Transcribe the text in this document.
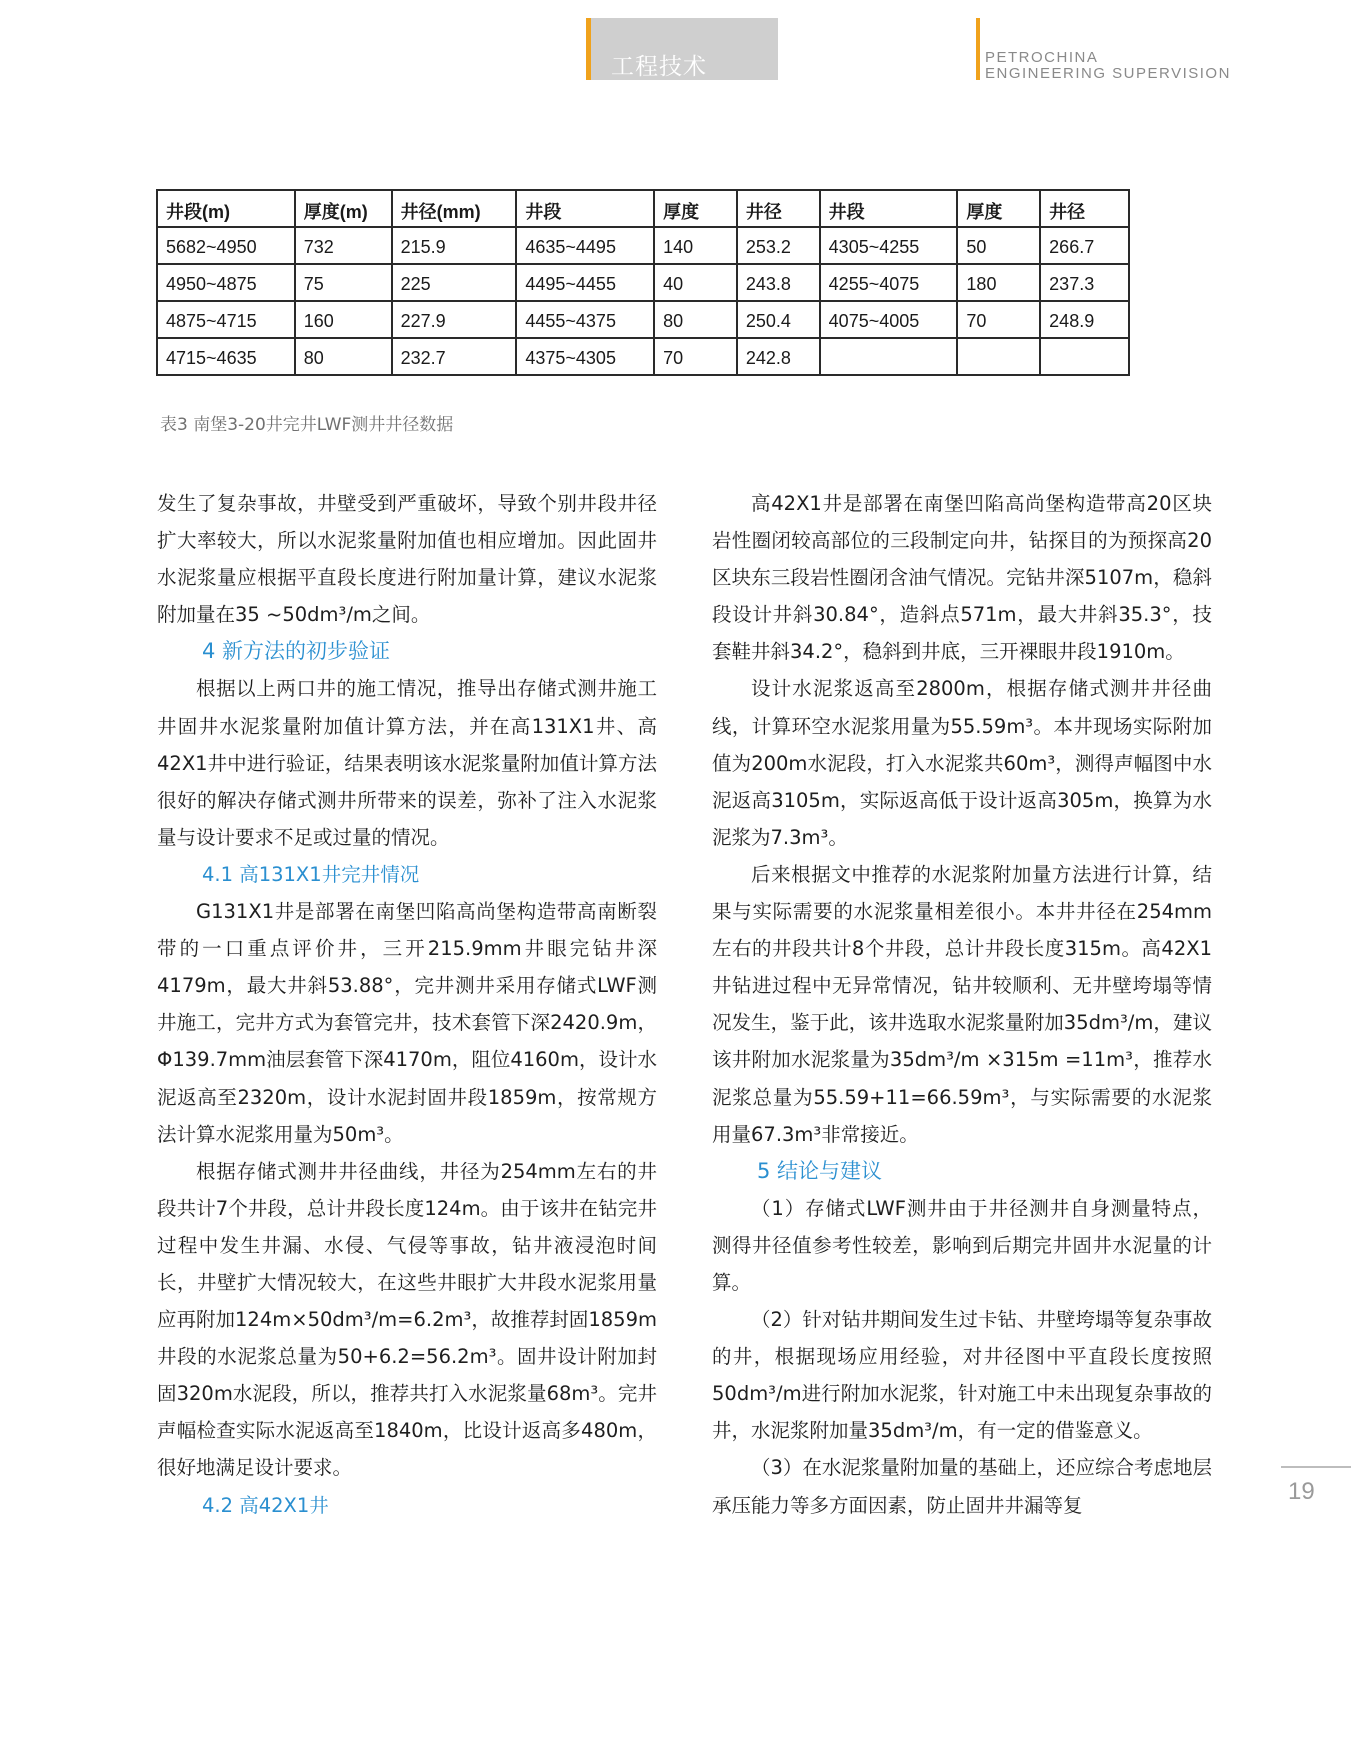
工程技术	PETROCHINA
ENGINEERING SUPERVISION
井段(m)	厚度(m)	井径(mm)	井段	厚度	井径	井段	厚度	井径
5682~4950	732	215.9	4635~4495	140	253.2	4305~4255	50	266.7
4950~4875	75	225	4495~4455	40	243.8	4255~4075	180	237.3
4875~4715	160	227.9	4455~4375	80	250.4	4075~4005	70	248.9
4715~4635	80	232.7	4375~4305	70	242.8			
表3 南堡3-20井完井LWF测井井径数据

发生了复杂事故，井壁受到严重破坏，导致个别井段井径扩大率较大，所以水泥浆量附加值也相应增加。因此固井水泥浆量应根据平直段长度进行附加量计算，建议水泥浆附加量在35 ~50dm³/m之间。

4 新方法的初步验证

根据以上两口井的施工情况，推导出存储式测井施工井固井水泥浆量附加值计算方法，并在高131X1井、高42X1井中进行验证，结果表明该水泥浆量附加值计算方法很好的解决存储式测井所带来的误差，弥补了注入水泥浆量与设计要求不足或过量的情况。

4.1 高131X1井完井情况

G131X1井是部署在南堡凹陷高尚堡构造带高南断裂带的一口重点评价井，三开215.9mm井眼完钻井深4179m，最大井斜53.88°，完井测井采用存储式LWF测井施工，完井方式为套管完井，技术套管下深2420.9m，Φ139.7mm油层套管下深4170m，阻位4160m，设计水泥返高至2320m，设计水泥封固井段1859m，按常规方法计算水泥浆用量为50m³。

根据存储式测井井径曲线，井径为254mm左右的井段共计7个井段，总计井段长度124m。由于该井在钻完井过程中发生井漏、水侵、气侵等事故，钻井液浸泡时间长，井壁扩大情况较大，在这些井眼扩大井段水泥浆用量应再附加124m×50dm³/m=6.2m³，故推荐封固1859m井段的水泥浆总量为50+6.2=56.2m³。固井设计附加封固320m水泥段，所以，推荐共打入水泥浆量68m³。完井声幅检查实际水泥返高至1840m，比设计返高多480m，很好地满足设计要求。

4.2 高42X1井

高42X1井是部署在南堡凹陷高尚堡构造带高20区块岩性圈闭较高部位的三段制定向井，钻探目的为预探高20区块东三段岩性圈闭含油气情况。完钻井深5107m，稳斜段设计井斜30.84°，造斜点571m，最大井斜35.3°，技套鞋井斜34.2°，稳斜到井底，三开裸眼井段1910m。

设计水泥浆返高至2800m，根据存储式测井井径曲线，计算环空水泥浆用量为55.59m³。本井现场实际附加值为200m水泥段，打入水泥浆共60m³，测得声幅图中水泥返高3105m，实际返高低于设计返高305m，换算为水泥浆为7.3m³。

后来根据文中推荐的水泥浆附加量方法进行计算，结果与实际需要的水泥浆量相差很小。本井井径在254mm左右的井段共计8个井段，总计井段长度315m。高42X1井钻进过程中无异常情况，钻井较顺利、无井壁垮塌等情况发生，鉴于此，该井选取水泥浆量附加35dm³/m，建议该井附加水泥浆量为35dm³/m ×315m =11m³，推荐水泥浆总量为55.59+11=66.59m³，与实际需要的水泥浆用量67.3m³非常接近。

5 结论与建议

（1）存储式LWF测井由于井径测井自身测量特点，测得井径值参考性较差，影响到后期完井固井水泥量的计算。

（2）针对钻井期间发生过卡钻、井壁垮塌等复杂事故的井，根据现场应用经验，对井径图中平直段长度按照50dm³/m进行附加水泥浆，针对施工中未出现复杂事故的井，水泥浆附加量35dm³/m，有一定的借鉴意义。

（3）在水泥浆量附加量的基础上，还应综合考虑地层承压能力等多方面因素，防止固井井漏等复

19
